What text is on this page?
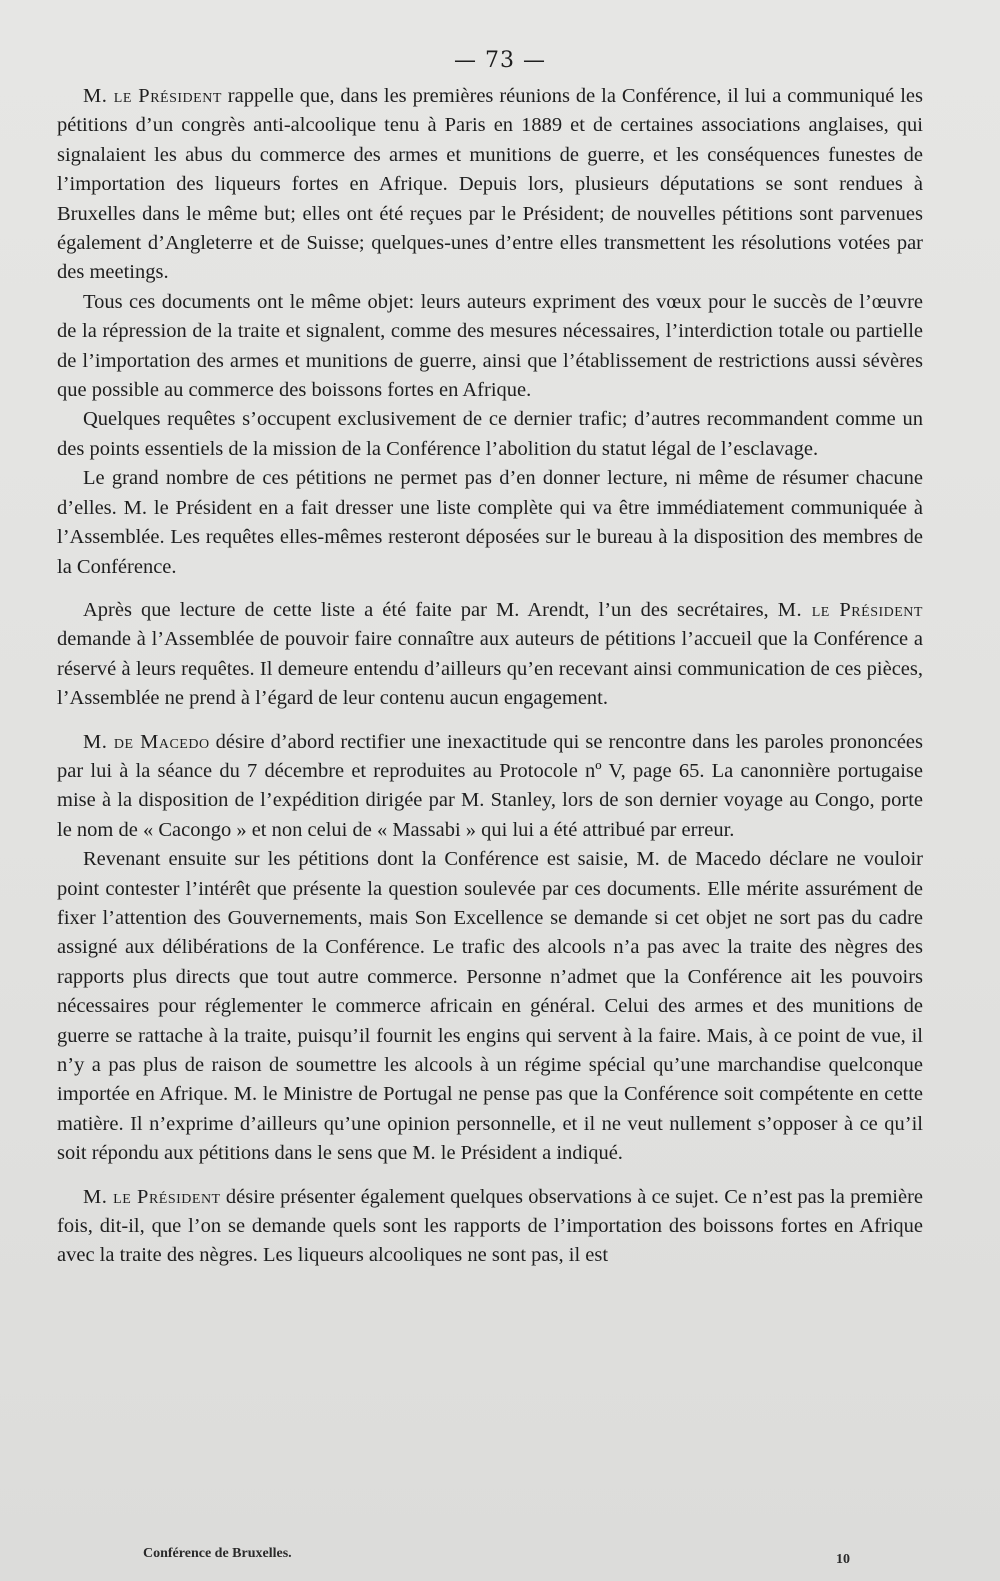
— 73 —

M. le Président rappelle que, dans les premières réunions de la Conférence, il lui a communiqué les pétitions d’un congrès anti-alcoolique tenu à Paris en 1889 et de certaines associations anglaises, qui signalaient les abus du commerce des armes et munitions de guerre, et les conséquences funestes de l’importation des liqueurs fortes en Afrique. Depuis lors, plusieurs députations se sont rendues à Bruxelles dans le même but; elles ont été reçues par le Président; de nouvelles pétitions sont parvenues également d’Angleterre et de Suisse; quelques-unes d’entre elles transmettent les résolutions votées par des meetings.

Tous ces documents ont le même objet: leurs auteurs expriment des vœux pour le succès de l’œuvre de la répression de la traite et signalent, comme des mesures nécessaires, l’interdiction totale ou partielle de l’importation des armes et munitions de guerre, ainsi que l’établissement de restrictions aussi sévères que possible au commerce des boissons fortes en Afrique.

Quelques requêtes s’occupent exclusivement de ce dernier trafic; d’autres recommandent comme un des points essentiels de la mission de la Conférence l’abolition du statut légal de l’esclavage.

Le grand nombre de ces pétitions ne permet pas d’en donner lecture, ni même de résumer chacune d’elles. M. le Président en a fait dresser une liste complète qui va être immédiatement communiquée à l’Assemblée. Les requêtes elles-mêmes resteront déposées sur le bureau à la disposition des membres de la Conférence.

Après que lecture de cette liste a été faite par M. Arendt, l’un des secrétaires, M. le Président demande à l’Assemblée de pouvoir faire connaître aux auteurs de pétitions l’accueil que la Conférence a réservé à leurs requêtes. Il demeure entendu d’ailleurs qu’en recevant ainsi communication de ces pièces, l’Assemblée ne prend à l’égard de leur contenu aucun engagement.

M. de Macedo désire d’abord rectifier une inexactitude qui se rencontre dans les paroles prononcées par lui à la séance du 7 décembre et reproduites au Protocole nº V, page 65. La canonnière portugaise mise à la disposition de l’expédition dirigée par M. Stanley, lors de son dernier voyage au Congo, porte le nom de « Cacongo » et non celui de « Massabi » qui lui a été attribué par erreur.

Revenant ensuite sur les pétitions dont la Conférence est saisie, M. de Macedo déclare ne vouloir point contester l’intérêt que présente la question soulevée par ces documents. Elle mérite assurément de fixer l’attention des Gouvernements, mais Son Excellence se demande si cet objet ne sort pas du cadre assigné aux délibérations de la Conférence. Le trafic des alcools n’a pas avec la traite des nègres des rapports plus directs que tout autre commerce. Personne n’admet que la Conférence ait les pouvoirs nécessaires pour réglementer le commerce africain en général. Celui des armes et des munitions de guerre se rattache à la traite, puisqu’il fournit les engins qui servent à la faire. Mais, à ce point de vue, il n’y a pas plus de raison de soumettre les alcools à un régime spécial qu’une marchandise quelconque importée en Afrique. M. le Ministre de Portugal ne pense pas que la Conférence soit compétente en cette matière. Il n’exprime d’ailleurs qu’une opinion personnelle, et il ne veut nullement s’opposer à ce qu’il soit répondu aux pétitions dans le sens que M. le Président a indiqué.

M. le Président désire présenter également quelques observations à ce sujet. Ce n’est pas la première fois, dit-il, que l’on se demande quels sont les rapports de l’importation des boissons fortes en Afrique avec la traite des nègres. Les liqueurs alcooliques ne sont pas, il est

Conférence de Bruxelles.	10
